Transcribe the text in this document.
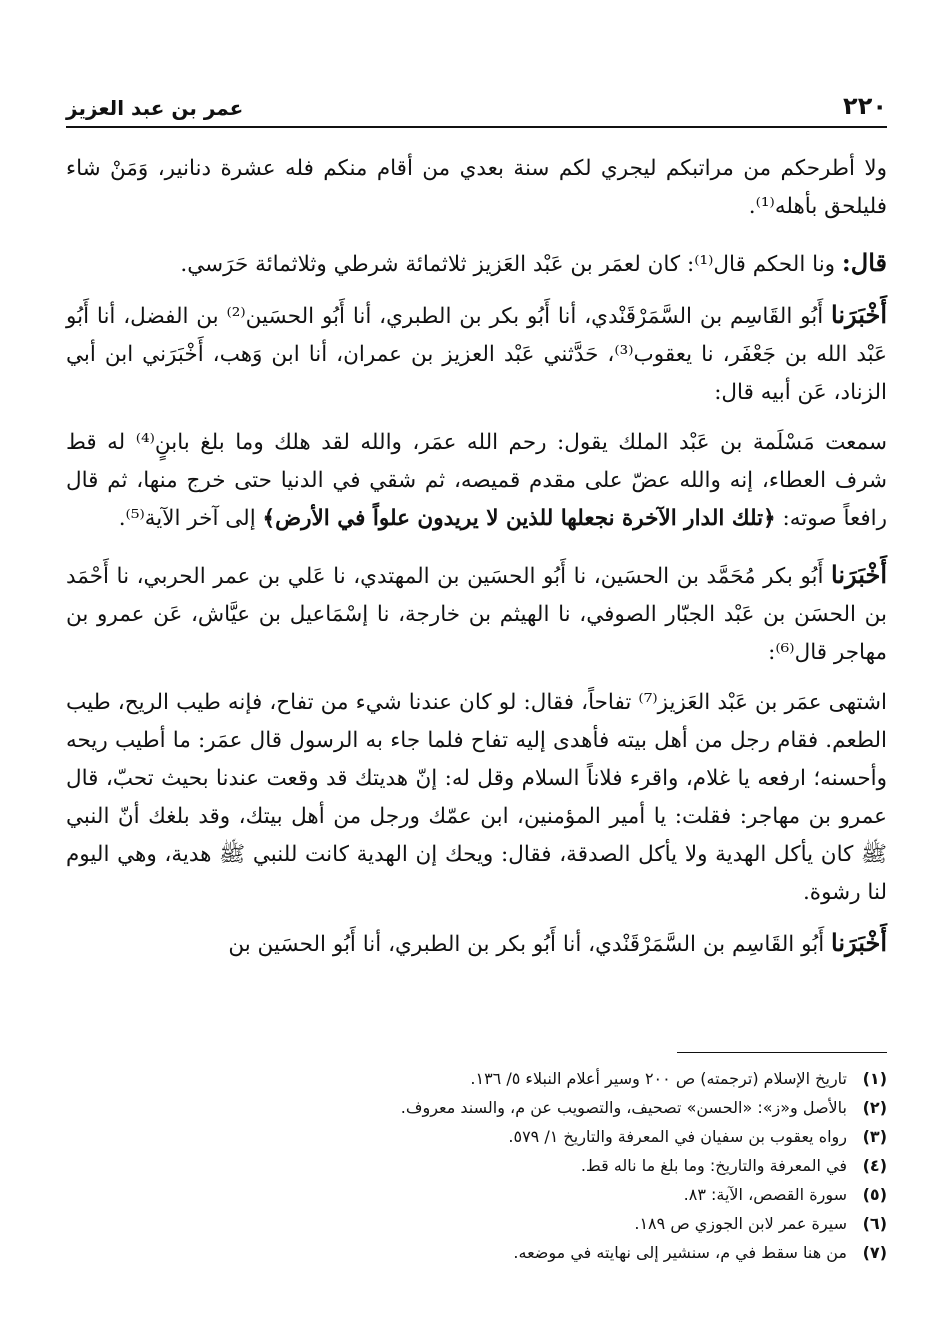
٢٢٠
عمر بن عبد العزيز

ولا أطرحكم من مراتبكم ليجري لكم سنة بعدي من أقام منكم فله عشرة دنانير، وَمَنْ شاء فليلحق بأهله⁽¹⁾.

قال: ونا الحكم قال⁽¹⁾: كان لعمَر بن عَبْد العَزيز ثلاثمائة شرطي وثلاثمائة حَرَسي.

أَخْبَرَنا أَبُو القَاسِم بن السَّمَرْقَنْدي، أنا أَبُو بكر بن الطبري، أنا أَبُو الحسَين⁽²⁾ بن الفضل، أنا أَبُو عَبْد الله بن جَعْفَر، نا يعقوب⁽³⁾، حَدَّثني عَبْد العزيز بن عمران، أنا ابن وَهب، أَخْبَرَني ابن أبي الزناد، عَن أبيه قال:

سمعت مَسْلَمة بن عَبْد الملك يقول: رحم الله عمَر، والله لقد هلك وما بلغ بابنٍ⁽⁴⁾ له قط شرف العطاء، إنه والله عضّ على مقدم قميصه، ثم شقي في الدنيا حتى خرج منها، ثم قال رافعاً صوته: ﴿تلك الدار الآخرة نجعلها للذين لا يريدون علواً في الأرض﴾ إلى آخر الآية⁽⁵⁾.

أَخْبَرَنا أَبُو بكر مُحَمَّد بن الحسَين، نا أَبُو الحسَين بن المهتدي، نا عَلي بن عمر الحربي، نا أَحْمَد بن الحسَن بن عَبْد الجبّار الصوفي، نا الهيثم بن خارجة، نا إسْمَاعيل بن عيَّاش، عَن عمرو بن مهاجر قال⁽⁶⁾:

اشتهى عمَر بن عَبْد العَزيز⁽⁷⁾ تفاحاً، فقال: لو كان عندنا شيء من تفاح، فإنه طيب الريح، طيب الطعم. فقام رجل من أهل بيته فأهدى إليه تفاح فلما جاء به الرسول قال عمَر: ما أطيب ريحه وأحسنه؛ ارفعه يا غلام، واقرء فلاناً السلام وقل له: إنّ هديتك قد وقعت عندنا بحيث تحبّ، قال عمرو بن مهاجر: فقلت: يا أمير المؤمنين، ابن عمّك ورجل من أهل بيتك، وقد بلغك أنّ النبي ﷺ كان يأكل الهدية ولا يأكل الصدقة، فقال: ويحك إن الهدية كانت للنبي ﷺ هدية، وهي اليوم لنا رشوة.

أَخْبَرَنا أَبُو القَاسِم بن السَّمَرْقَنْدي، أنا أَبُو بكر بن الطبري، أنا أَبُو الحسَين بن

(١)
تاريخ الإسلام (ترجمته) ص ٢٠٠ وسير أعلام النبلاء ٥/ ١٣٦.
(٢)
بالأصل و«ز»: «الحسن» تصحيف، والتصويب عن م، والسند معروف.
(٣)
رواه يعقوب بن سفيان في المعرفة والتاريخ ١/ ٥٧٩.
(٤)
في المعرفة والتاريخ: وما بلغ ما ناله قط.
(٥)
سورة القصص، الآية: ٨٣.
(٦)
سيرة عمر لابن الجوزي ص ١٨٩.
(٧)
من هنا سقط في م، سنشير إلى نهايته في موضعه.
